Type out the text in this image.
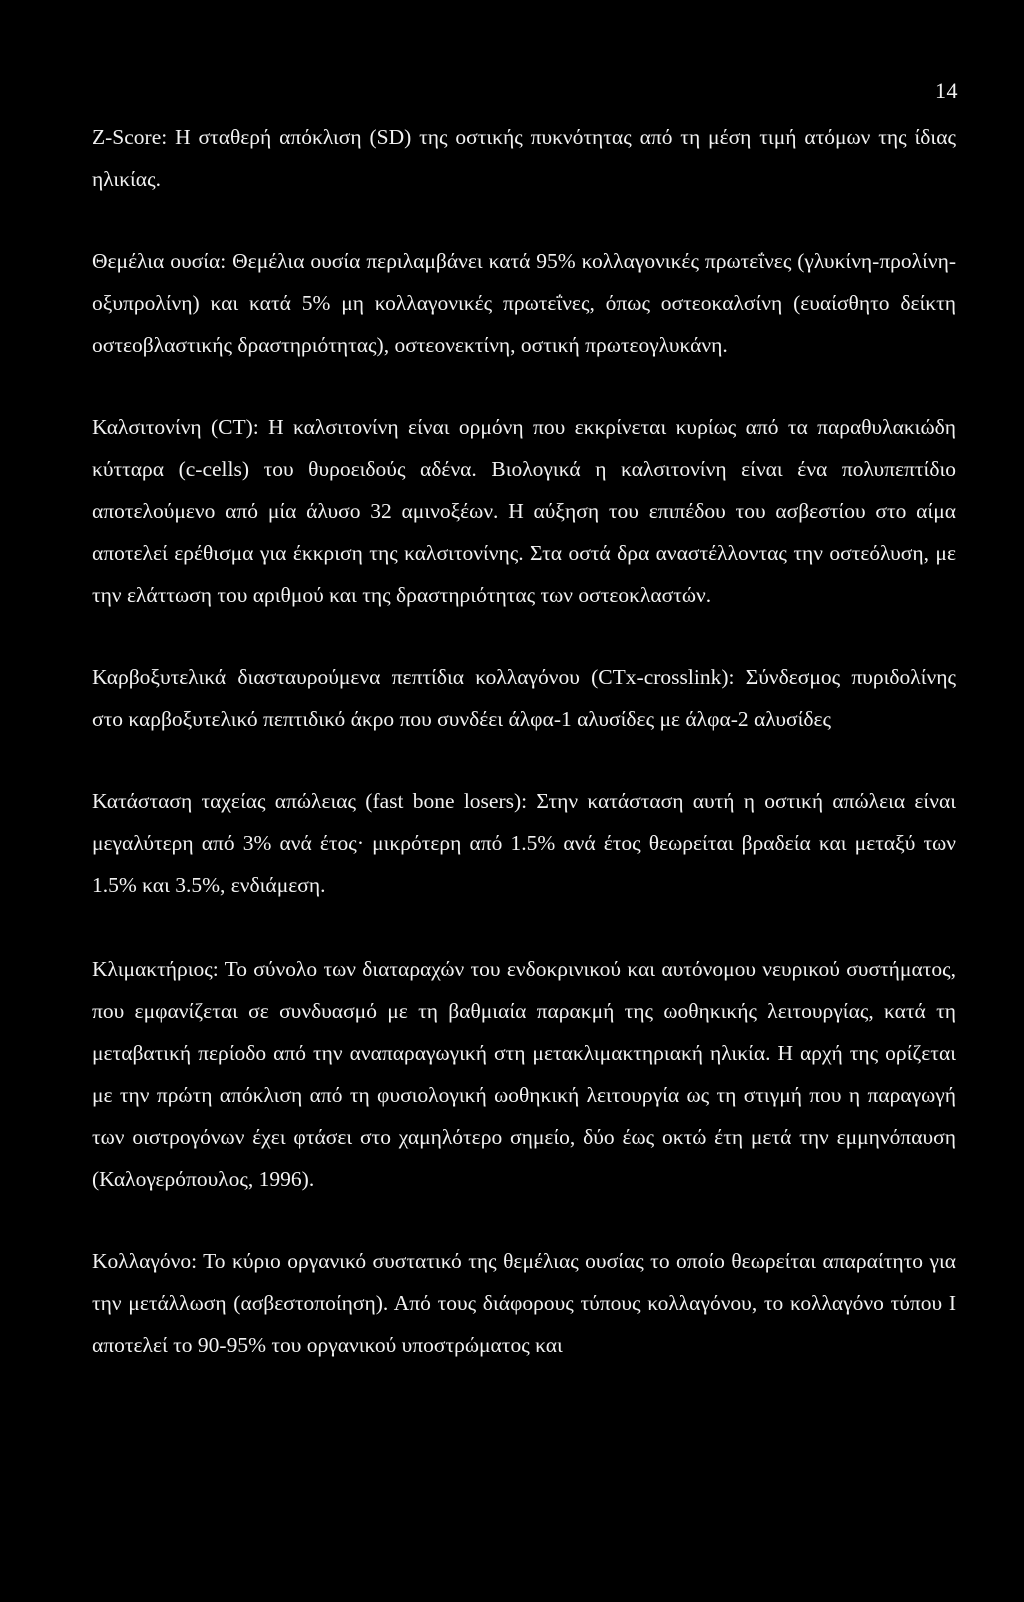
14

Z-Score: Η σταθερή απόκλιση (SD) της οστικής πυκνότητας από τη μέση τιμή ατόμων της ίδιας ηλικίας.

Θεμέλια ουσία: Θεμέλια ουσία περιλαμβάνει κατά 95% κολλαγονικές πρωτεΐνες (γλυκίνη-προλίνη-οξυπρολίνη) και κατά 5% μη κολλαγονικές πρωτεΐνες, όπως οστεοκαλσίνη (ευαίσθητο δείκτη οστεοβλαστικής δραστηριότητας), οστεονεκτίνη, οστική πρωτεογλυκάνη.

Καλσιτονίνη (CT): Η καλσιτονίνη είναι ορμόνη που εκκρίνεται κυρίως από τα παραθυλακιώδη κύτταρα (c-cells) του θυροειδούς αδένα. Βιολογικά η καλσιτονίνη είναι ένα πολυπεπτίδιο αποτελούμενο από μία άλυσο 32 αμινοξέων. Η αύξηση του επιπέδου του ασβεστίου στο αίμα αποτελεί ερέθισμα για έκκριση της καλσιτονίνης. Στα οστά δρα αναστέλλοντας την οστεόλυση, με την ελάττωση του αριθμού και της δραστηριότητας των οστεοκλαστών.

Καρβοξυτελικά διασταυρούμενα πεπτίδια κολλαγόνου (CTx-crosslink): Σύνδεσμος πυριδολίνης στο καρβοξυτελικό πεπτιδικό άκρο που συνδέει άλφα-1 αλυσίδες με άλφα-2 αλυσίδες

Κατάσταση ταχείας απώλειας (fast bone losers): Στην κατάσταση αυτή η οστική απώλεια είναι μεγαλύτερη από 3% ανά έτος· μικρότερη από 1.5% ανά έτος θεωρείται βραδεία και μεταξύ των 1.5% και 3.5%, ενδιάμεση.

Κλιμακτήριος: Το σύνολο των διαταραχών του ενδοκρινικού και αυτόνομου νευρικού συστήματος, που εμφανίζεται σε συνδυασμό με τη βαθμιαία παρακμή της ωοθηκικής λειτουργίας, κατά τη μεταβατική περίοδο από την αναπαραγωγική στη μετακλιμακτηριακή ηλικία. Η αρχή της ορίζεται με την πρώτη απόκλιση από τη φυσιολογική ωοθηκική λειτουργία ως τη στιγμή που η παραγωγή των οιστρογόνων έχει φτάσει στο χαμηλότερο σημείο, δύο έως οκτώ έτη μετά την εμμηνόπαυση (Καλογερόπουλος, 1996).

Κολλαγόνο: Το κύριο οργανικό συστατικό της θεμέλιας ουσίας το οποίο θεωρείται απαραίτητο για την μετάλλωση (ασβεστοποίηση). Από τους διάφορους τύπους κολλαγόνου, το κολλαγόνο τύπου Ι αποτελεί το 90-95% του οργανικού υποστρώματος και
